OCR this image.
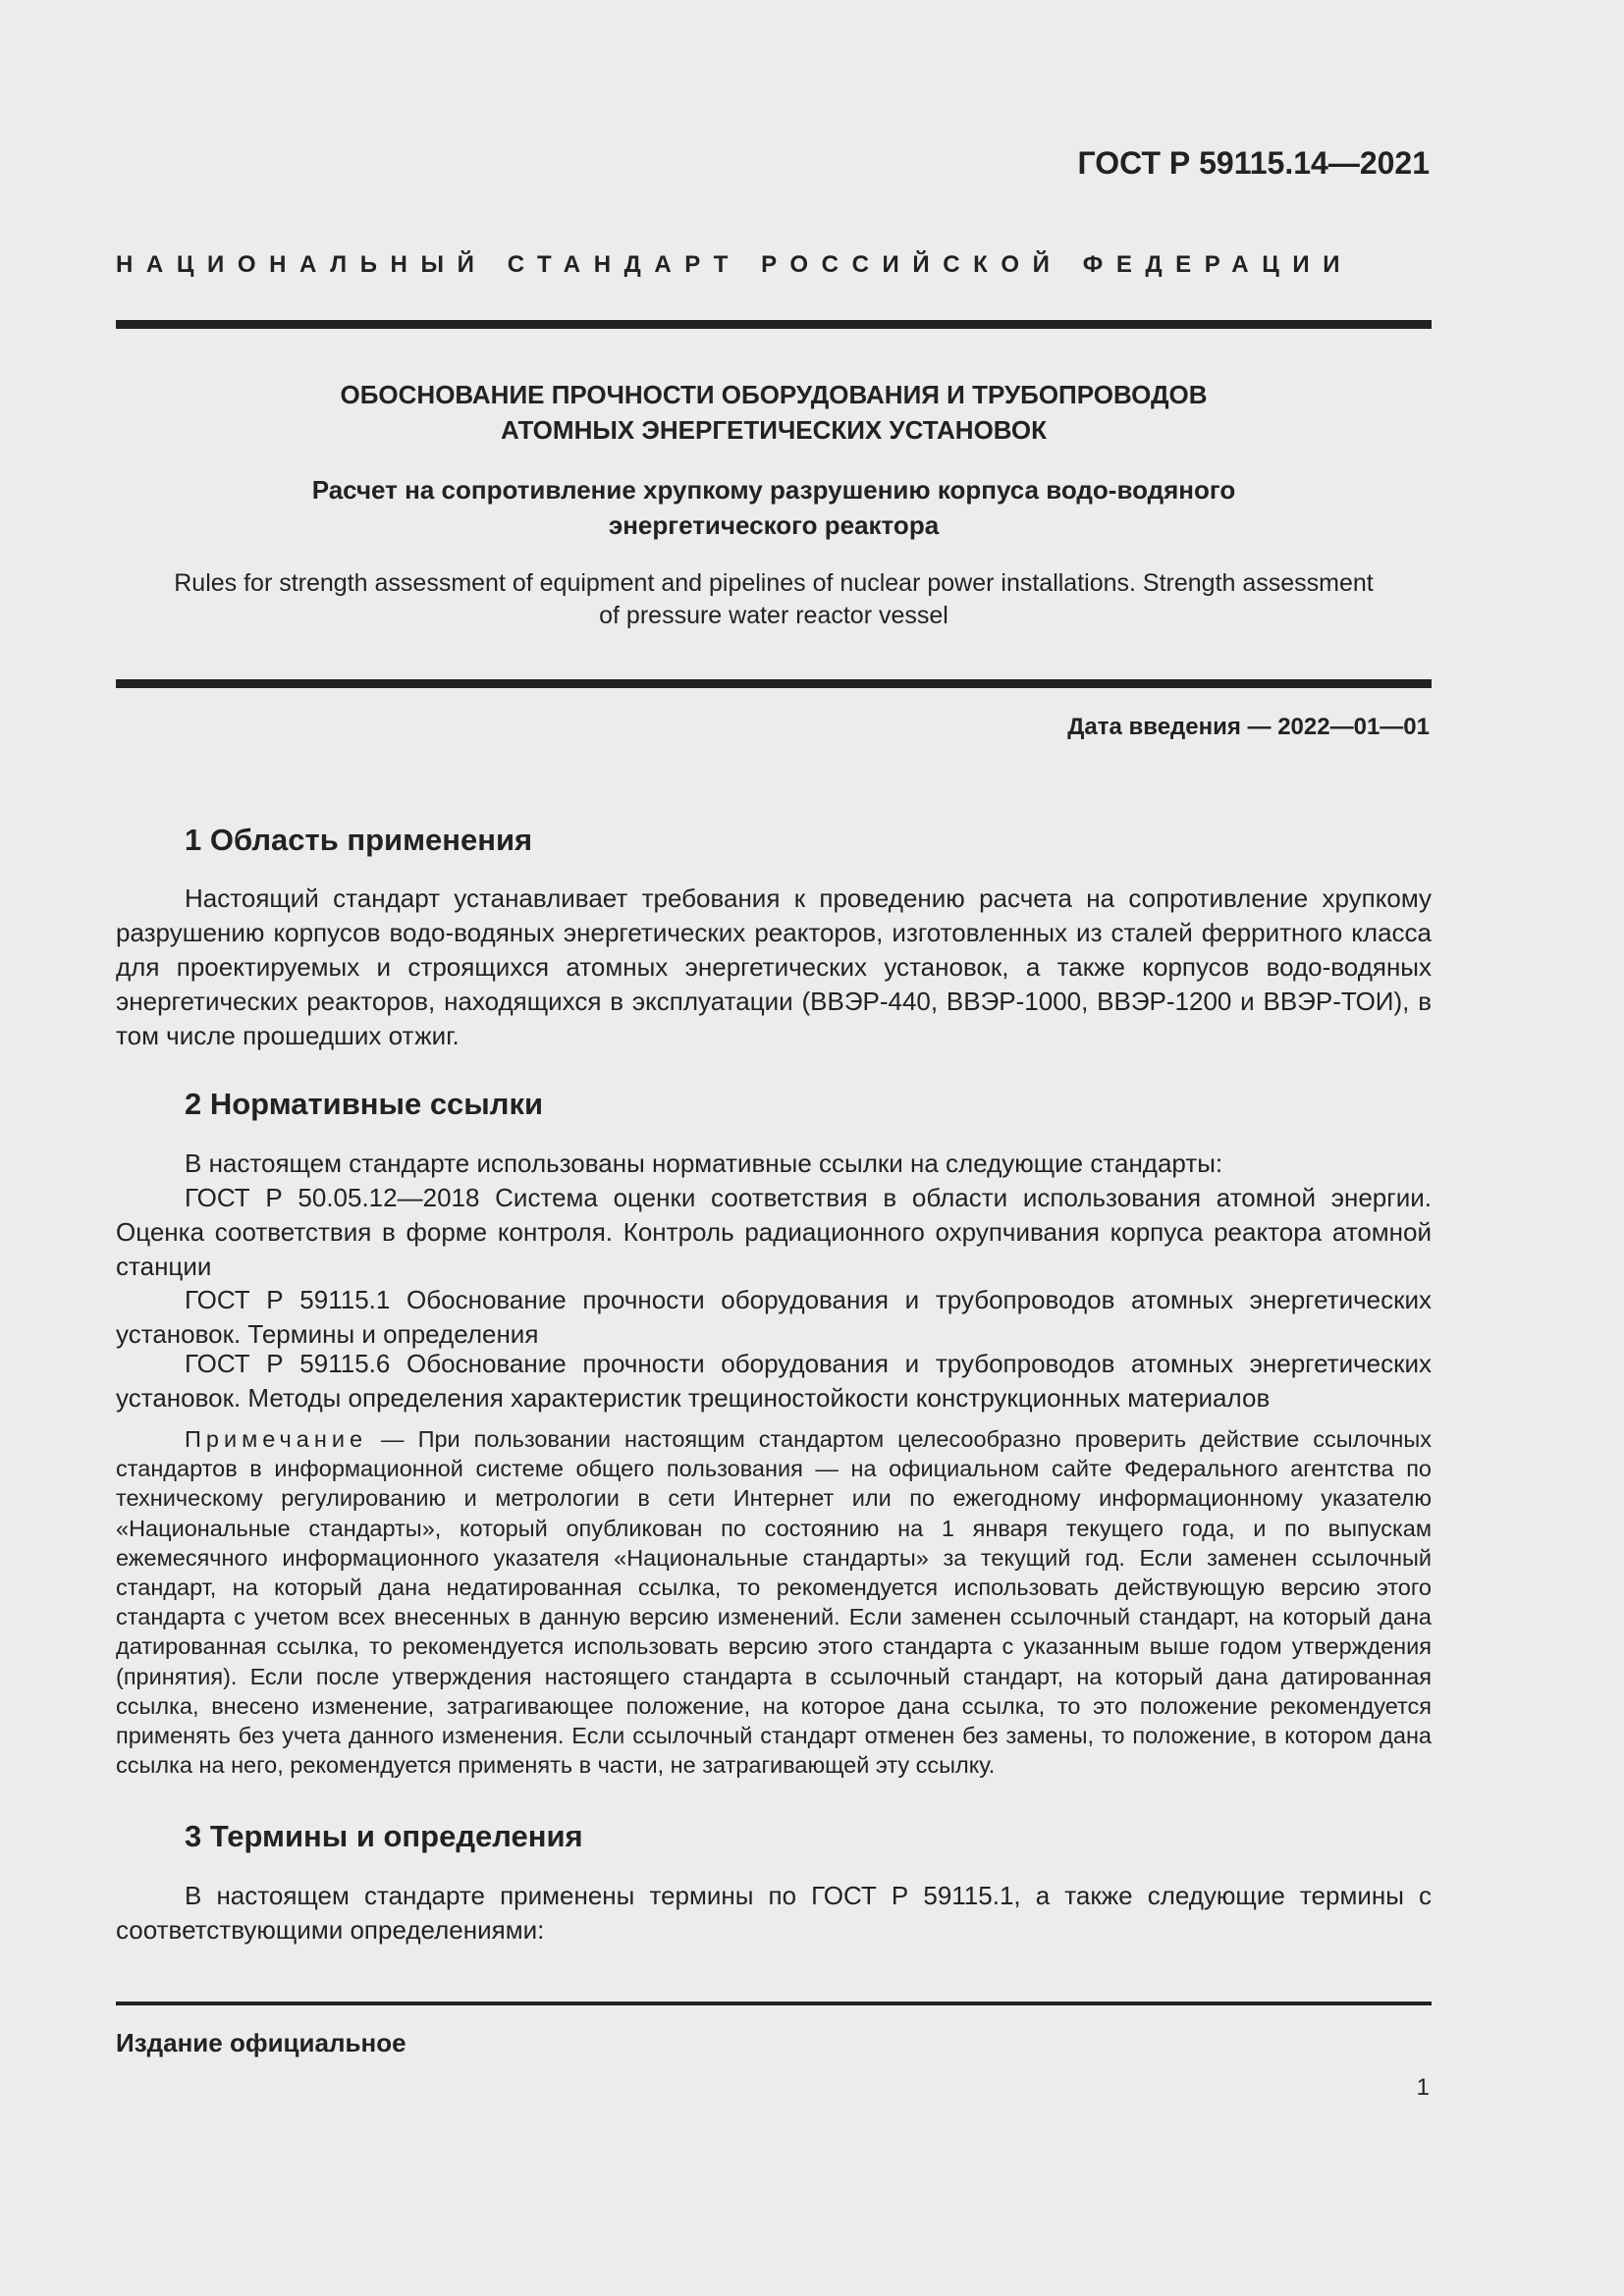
ГОСТ Р 59115.14—2021
НАЦИОНАЛЬНЫЙ СТАНДАРТ РОССИЙСКОЙ ФЕДЕРАЦИИ
ОБОСНОВАНИЕ ПРОЧНОСТИ ОБОРУДОВАНИЯ И ТРУБОПРОВОДОВ
АТОМНЫХ ЭНЕРГЕТИЧЕСКИХ УСТАНОВОК
Расчет на сопротивление хрупкому разрушению корпуса водо-водяного
энергетического реактора
Rules for strength assessment of equipment and pipelines of nuclear power installations. Strength assessment
of pressure water reactor vessel
Дата введения — 2022—01—01
1 Область применения

Настоящий стандарт устанавливает требования к проведению расчета на сопротивление хрупкому разрушению корпусов водо-водяных энергетических реакторов, изготовленных из сталей ферритного класса для проектируемых и строящихся атомных энергетических установок, а также корпусов водо-водяных энергетических реакторов, находящихся в эксплуатации (ВВЭР-440, ВВЭР-1000, ВВЭР-1200 и ВВЭР-ТОИ), в том числе прошедших отжиг.

2 Нормативные ссылки

В настоящем стандарте использованы нормативные ссылки на следующие стандарты:

ГОСТ Р 50.05.12—2018 Система оценки соответствия в области использования атомной энергии. Оценка соответствия в форме контроля. Контроль радиационного охрупчивания корпуса реактора атомной станции

ГОСТ Р 59115.1 Обоснование прочности оборудования и трубопроводов атомных энергетических установок. Термины и определения

ГОСТ Р 59115.6 Обоснование прочности оборудования и трубопроводов атомных энергетических установок. Методы определения характеристик трещиностойкости конструкционных материалов

Примечание — При пользовании настоящим стандартом целесообразно проверить действие ссылочных стандартов в информационной системе общего пользования — на официальном сайте Федерального агентства по техническому регулированию и метрологии в сети Интернет или по ежегодному информационному указателю «Национальные стандарты», который опубликован по состоянию на 1 января текущего года, и по выпускам ежемесячного информационного указателя «Национальные стандарты» за текущий год. Если заменен ссылочный стандарт, на который дана недатированная ссылка, то рекомендуется использовать действующую версию этого стандарта с учетом всех внесенных в данную версию изменений. Если заменен ссылочный стандарт, на который дана датированная ссылка, то рекомендуется использовать версию этого стандарта с указанным выше годом утверждения (принятия). Если после утверждения настоящего стандарта в ссылочный стандарт, на который дана датированная ссылка, внесено изменение, затрагивающее положение, на которое дана ссылка, то это положение рекомендуется применять без учета данного изменения. Если ссылочный стандарт отменен без замены, то положение, в котором дана ссылка на него, рекомендуется применять в части, не затрагивающей эту ссылку.

3 Термины и определения

В настоящем стандарте применены термины по ГОСТ Р 59115.1, а также следующие термины с соответствующими определениями:

Издание официальное
1
